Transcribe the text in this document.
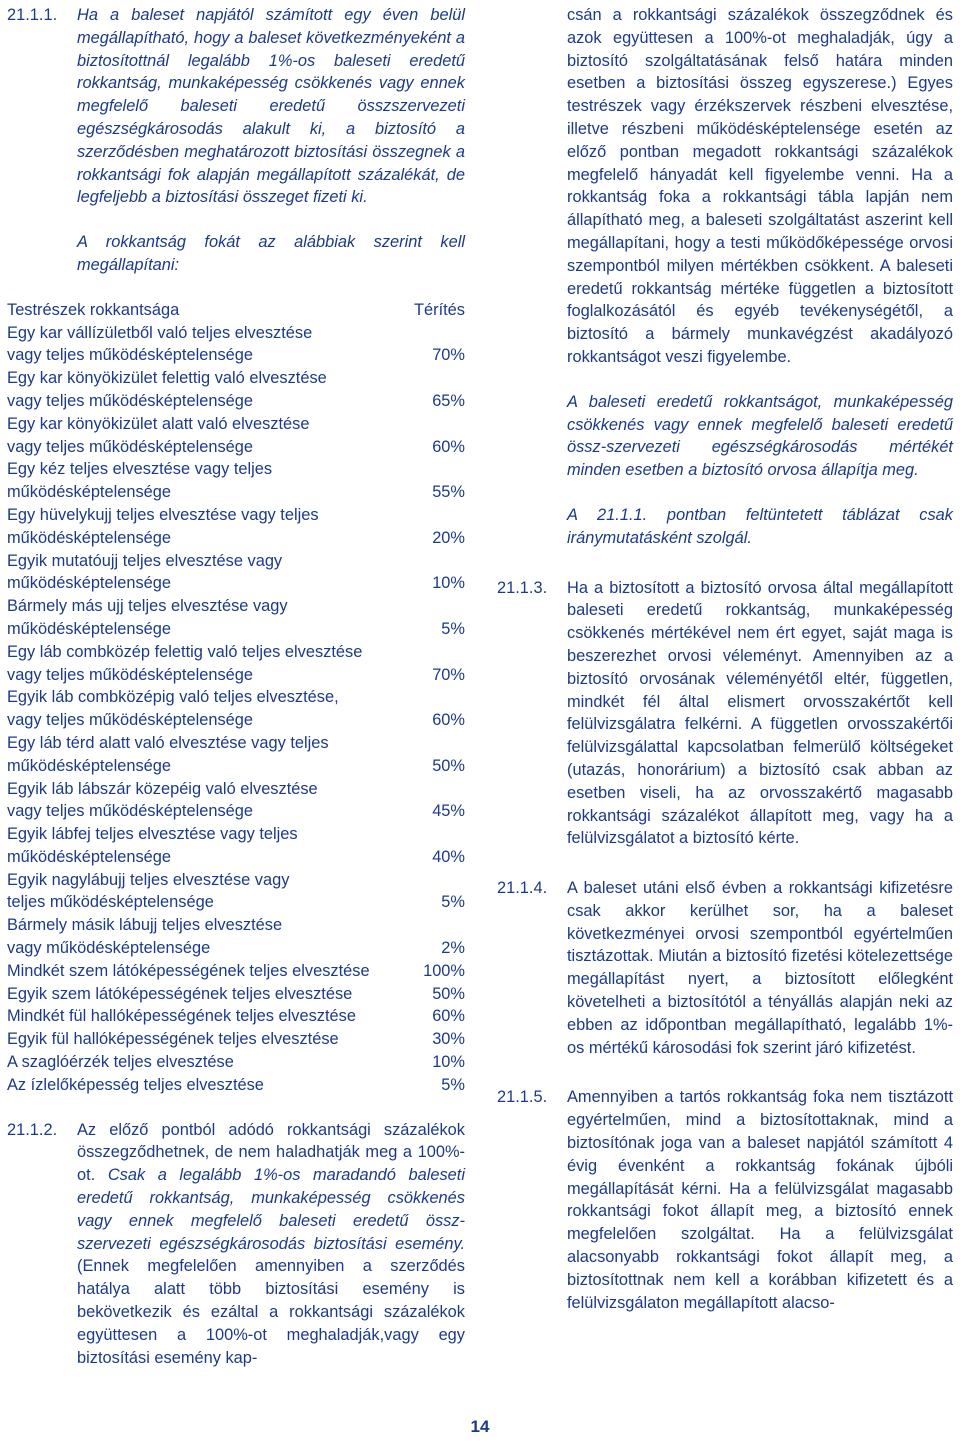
21.1.1.	Ha a baleset napjától számított egy éven belül megállapítható, hogy a baleset következményeként a biztosítottnál legalább 1%-os baleseti eredetű rokkantság, munkaképesség csökkenés vagy ennek megfelelő baleseti eredetű összszervezeti egészségkárosodás alakult ki, a biztosító a szerződésben meghatározott biztosítási összegnek a rokkantsági fok alapján megállapított százalékát, de legfeljebb a biztosítási összeget fizeti ki.
A rokkantság fokát az alábbiak szerint kell megállapítani:
Testrészek rokkantsága	Térítés
Egy kar vállízületből való teljes elvesztése
vagy teljes működésképtelensége	70%
Egy kar könyökizület felettig való elvesztése
vagy teljes működésképtelensége	65%
Egy kar könyökizület alatt való elvesztése
vagy teljes működésképtelensége	60%
Egy kéz teljes elvesztése vagy teljes
működésképtelensége	55%
Egy hüvelykujj teljes elvesztése vagy teljes
működésképtelensége	20%
Egyik mutatóujj teljes elvesztése vagy
működésképtelensége	10%
Bármely más ujj teljes elvesztése vagy
működésképtelensége	5%
Egy láb combközép felettig való teljes elvesztése
vagy teljes működésképtelensége	70%
Egyik láb combközépig való teljes elvesztése,
vagy teljes működésképtelensége	60%
Egy láb térd alatt való elvesztése vagy teljes
működésképtelensége	50%
Egyik láb lábszár közepéig való elvesztése
vagy teljes működésképtelensége	45%
Egyik lábfej teljes elvesztése vagy teljes
működésképtelensége	40%
Egyik nagylábujj teljes elvesztése vagy
teljes működésképtelensége	5%
Bármely másik lábujj teljes elvesztése
vagy működésképtelensége	2%
Mindkét szem látóképességének teljes elvesztése	100%
Egyik szem látóképességének teljes elvesztése	50%
Mindkét fül hallóképességének teljes elvesztése	60%
Egyik fül hallóképességének teljes elvesztése	30%
A szaglóérzék teljes elvesztése	10%
Az ízlelőképesség teljes elvesztése	5%
21.1.2.	Az előző pontból adódó rokkantsági százalékok összegződhetnek, de nem haladhatják meg a 100%-ot. Csak a legalább 1%-os maradandó baleseti eredetű rokkantság, munkaképesség csökkenés vagy ennek megfelelő baleseti eredetű össz-szervezeti egészségkárosodás biztosítási esemény. (Ennek megfelelően amennyiben a szerződés hatálya alatt több biztosítási esemény is bekövetkezik és ezáltal a rokkantsági százalékok együttesen a 100%-ot meghaladják,vagy egy biztosítási esemény kap-
csán a rokkantsági százalékok összegződnek és azok együttesen a 100%-ot meghaladják, úgy a biztosító szolgáltatásának felső határa minden esetben a biztosítási összeg egyszerese.) Egyes testrészek vagy érzékszervek részbeni elvesztése, illetve részbeni működésképtelensége esetén az előző pontban megadott rokkantsági százalékok megfelelő hányadát kell figyelembe venni. Ha a rokkantság foka a rokkantsági tábla lapján nem állapítható meg, a baleseti szolgáltatást aszerint kell megállapítani, hogy a testi működőképessége orvosi szempontból milyen mértékben csökkent. A baleseti eredetű rokkantság mértéke független a biztosított foglalkozásától és egyéb tevékenységétől, a biztosító a bármely munkavégzést akadályozó rokkantságot veszi figyelembe.
A baleseti eredetű rokkantságot, munkaképesség csökkenés vagy ennek megfelelő baleseti eredetű össz-szervezeti egészségkárosodás mértékét minden esetben a biztosító orvosa állapítja meg.
A 21.1.1. pontban feltüntetett táblázat csak iránymutatásként szolgál.
21.1.3.	Ha a biztosított a biztosító orvosa által megállapított baleseti eredetű rokkantság, munkaképesség csökkenés mértékével nem ért egyet, saját maga is beszerezhet orvosi véleményt. Amennyiben az a biztosító orvosának véleményétől eltér, független, mindkét fél által elismert orvosszakértőt kell felülvizsgálatra felkérni. A független orvosszakértői felülvizsgálattal kapcsolatban felmerülő költségeket (utazás, honorárium) a biztosító csak abban az esetben viseli, ha az orvosszakértő magasabb rokkantsági százalékot állapított meg, vagy ha a felülvizsgálatot a biztosító kérte.
21.1.4.	A baleset utáni első évben a rokkantsági kifizetésre csak akkor kerülhet sor, ha a baleset következményei orvosi szempontból egyértelműen tisztázottak. Miután a biztosító fizetési kötelezettsége megállapítást nyert, a biztosított előlegként követelheti a biztosítótól a tényállás alapján neki az ebben az időpontban megállapítható, legalább 1%-os mértékű károsodási fok szerint járó kifizetést.
21.1.5.	Amennyiben a tartós rokkantság foka nem tisztázott egyértelműen, mind a biztosítottaknak, mind a biztosítónak joga van a baleset napjától számított 4 évig évenként a rokkantság fokának újbóli megállapítását kérni. Ha a felülvizsgálat magasabb rokkantsági fokot állapít meg, a biztosító ennek megfelelően szolgáltat. Ha a felülvizsgálat alacsonyabb rokkantsági fokot állapít meg, a biztosítottnak nem kell a korábban kifizetett és a felülvizsgálaton megállapított alacso-
14
